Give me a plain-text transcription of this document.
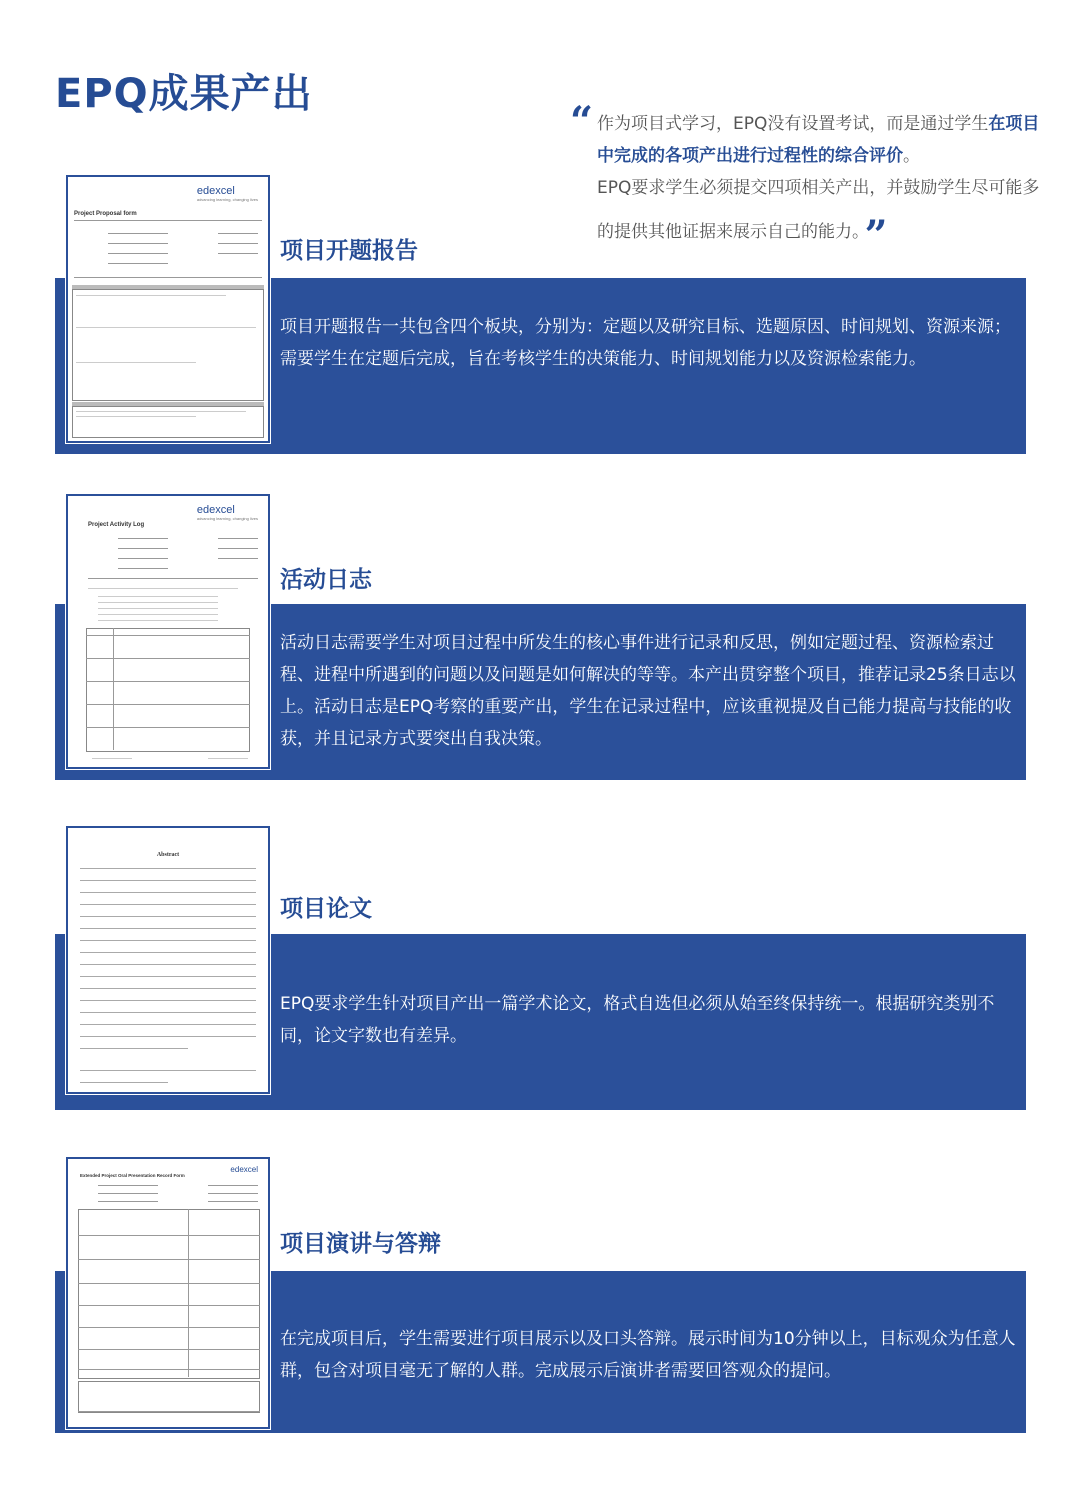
EPQ成果产出
“ 作为项目式学习，EPQ没有设置考试，而是通过学生在项目中完成的各项产出进行过程性的综合评价。

EPQ要求学生必须提交四项相关产出，并鼓励学生尽可能多的提供其他证据来展示自己的能力。 ”

项目开题报告

项目开题报告一共包含四个板块，分别为：定题以及研究目标、选题原因、时间规划、资源来源；需要学生在定题后完成，旨在考核学生的决策能力、时间规划能力以及资源检索能力。

edexcel
advancing learning, changing lives
Project Proposal form
活动日志

活动日志需要学生对项目过程中所发生的核心事件进行记录和反思，例如定题过程、资源检索过程、进程中所遇到的问题以及问题是如何解决的等等。本产出贯穿整个项目，推荐记录25条日志以上。活动日志是EPQ考察的重要产出，学生在记录过程中，应该重视提及自己能力提高与技能的收获，并且记录方式要突出自我决策。

edexcel
advancing learning, changing lives
Project Activity Log
项目论文

EPQ要求学生针对项目产出一篇学术论文，格式自选但必须从始至终保持统一。根据研究类别不同，论文字数也有差异。

Abstract
项目演讲与答辩

在完成项目后，学生需要进行项目展示以及口头答辩。展示时间为10分钟以上，目标观众为任意人群，包含对项目毫无了解的人群。完成展示后演讲者需要回答观众的提问。

edexcel
Extended Project Oral Presentation Record Form
